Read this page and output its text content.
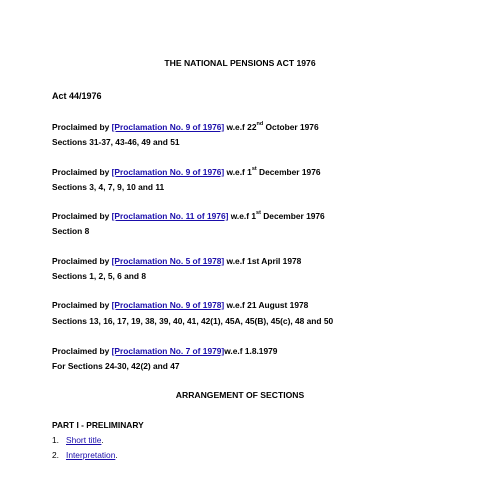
THE NATIONAL PENSIONS ACT 1976
Act 44/1976
Proclaimed by [Proclamation No. 9 of 1976] w.e.f 22nd October 1976
Sections 31-37, 43-46, 49 and 51
Proclaimed by [Proclamation No. 9 of 1976] w.e.f 1st December 1976
Sections 3, 4, 7, 9, 10 and 11
Proclaimed by [Proclamation No. 11 of 1976] w.e.f 1st December 1976
Section 8
Proclaimed by [Proclamation No. 5 of 1978] w.e.f 1st April 1978
Sections 1, 2, 5, 6 and 8
Proclaimed by [Proclamation No. 9 of 1978] w.e.f 21 August 1978
Sections 13, 16, 17, 19, 38, 39, 40, 41, 42(1), 45A, 45(B), 45(c), 48 and 50
Proclaimed by [Proclamation No. 7 of 1979]w.e.f 1.8.1979
For Sections 24-30, 42(2) and 47
ARRANGEMENT OF SECTIONS
PART I - PRELIMINARY
1. Short title.
2. Interpretation.
